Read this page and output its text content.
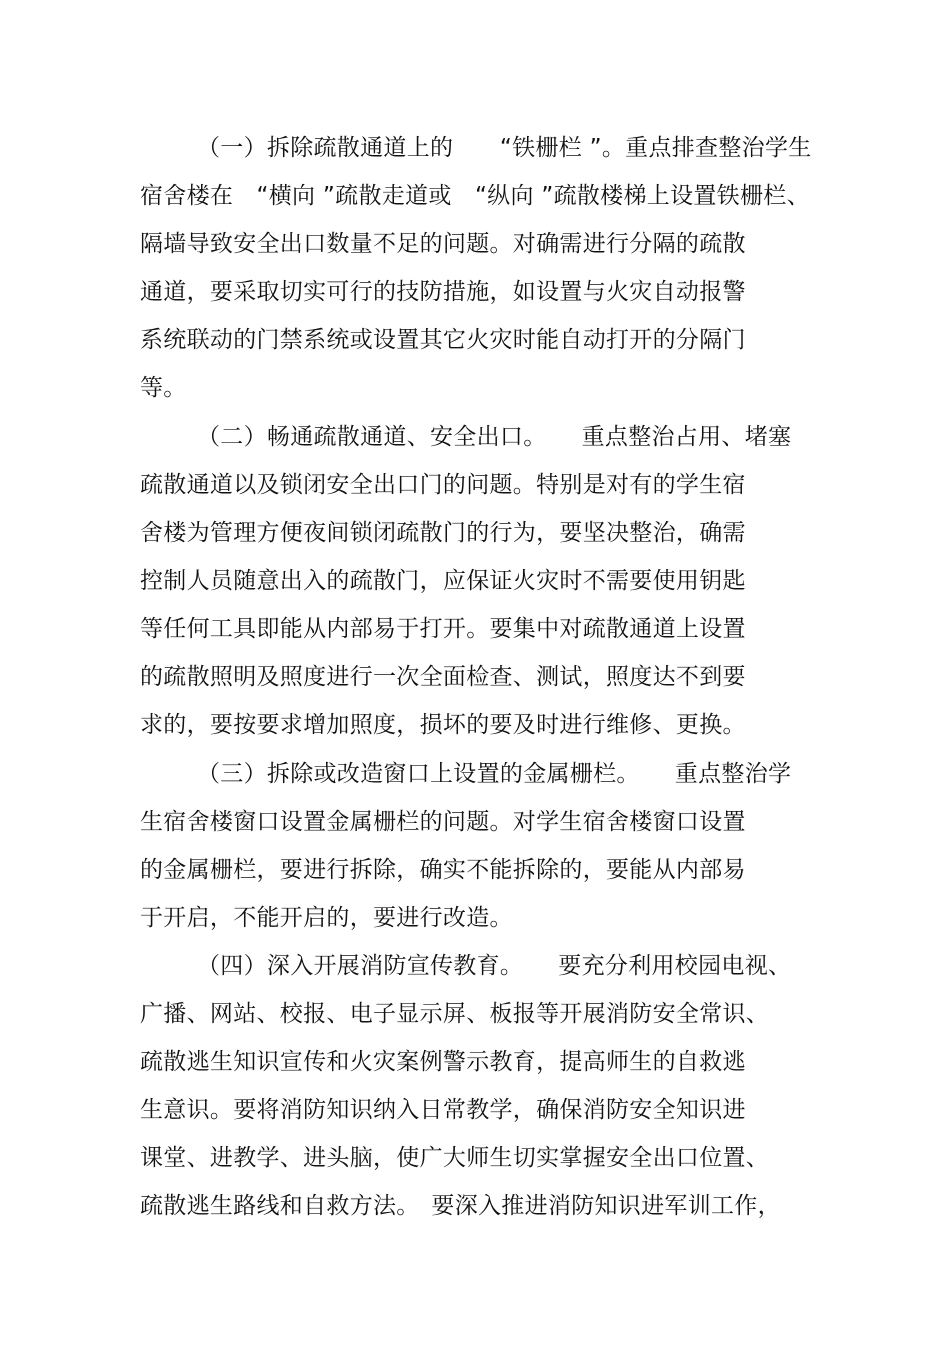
（一）拆除疏散通道上的　　“铁栅栏 ”。重点排查整治学生
宿舍楼在　“横向 ”疏散走道或　“纵向 ”疏散楼梯上设置铁栅栏、
隔墙导致安全出口数量不足的问题。对确需进行分隔的疏散
通道，要采取切实可行的技防措施，如设置与火灾自动报警
系统联动的门禁系统或设置其它火灾时能自动打开的分隔门
等。
（二）畅通疏散通道、安全出口。　　重点整治占用、堵塞
疏散通道以及锁闭安全出口门的问题。特别是对有的学生宿
舍楼为管理方便夜间锁闭疏散门的行为，要坚决整治，确需
控制人员随意出入的疏散门，应保证火灾时不需要使用钥匙
等任何工具即能从内部易于打开。要集中对疏散通道上设置
的疏散照明及照度进行一次全面检查、测试，照度达不到要
求的，要按要求增加照度，损坏的要及时进行维修、更换。
（三）拆除或改造窗口上设置的金属栅栏。　　重点整治学
生宿舍楼窗口设置金属栅栏的问题。对学生宿舍楼窗口设置
的金属栅栏，要进行拆除，确实不能拆除的，要能从内部易
于开启，不能开启的，要进行改造。
（四）深入开展消防宣传教育。　　要充分利用校园电视、
广播、网站、校报、电子显示屏、板报等开展消防安全常识、
疏散逃生知识宣传和火灾案例警示教育，提高师生的自救逃
生意识。要将消防知识纳入日常教学，确保消防安全知识进
课堂、进教学、进头脑，使广大师生切实掌握安全出口位置、
疏散逃生路线和自救方法。　要深入推进消防知识进军训工作，
